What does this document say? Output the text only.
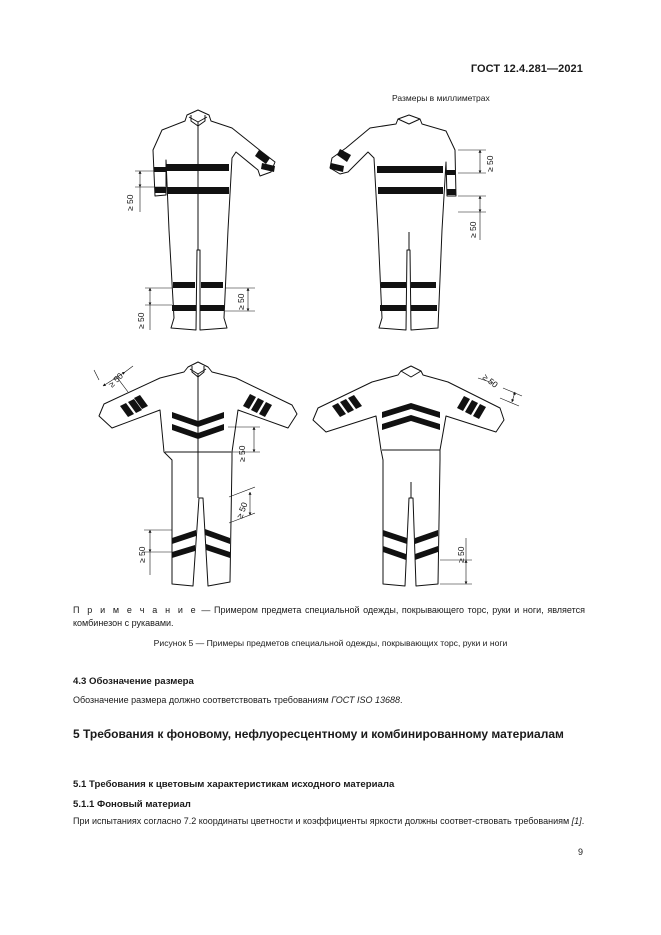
ГОСТ 12.4.281—2021
Размеры в миллиметрах
≥ 50
≥ 50
≥ 50
≥ 50
≥ 50
≥ 50	≥ 50
≥ 50
≥ 50
≥ 50	≥ 50
П р и м е ч а н и е — Примером предмета специальной одежды, покрывающего торс, руки и ноги, является комбинезон с рукавами.
Рисунок 5 — Примеры предметов специальной одежды, покрывающих торс, руки и ноги
4.3 Обозначение размера
Обозначение размера должно соответствовать требованиям ГОСТ ISO 13688.
5 Требования к фоновому, нефлуоресцентному и комбинированному материалам
5.1 Требования к цветовым характеристикам исходного материала
5.1.1 Фоновый материал
При испытаниях согласно 7.2 координаты цветности и коэффициенты яркости должны соответ-ствовать требованиям [1].
9
